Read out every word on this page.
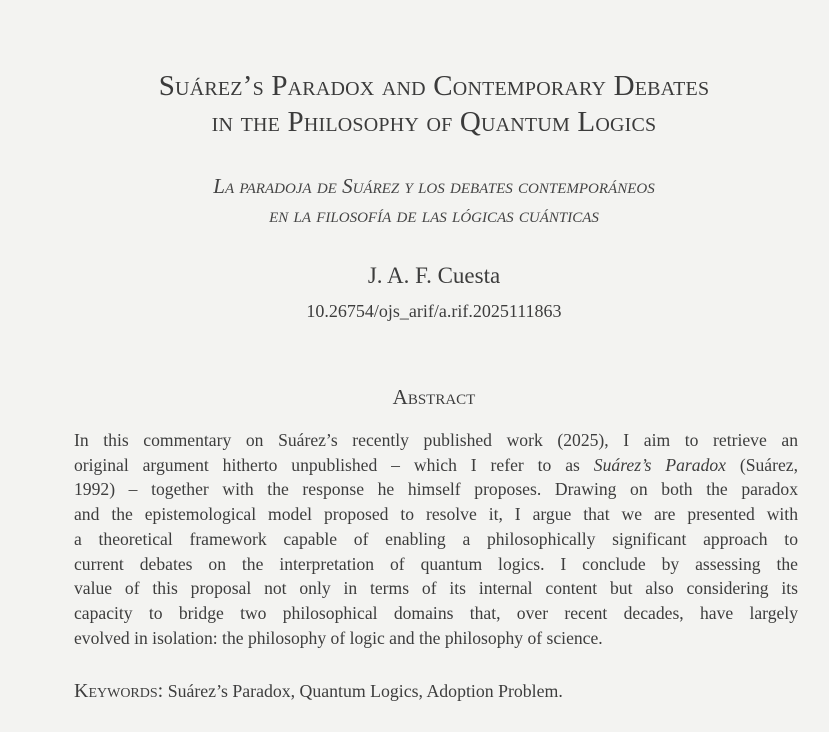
Suárez’s Paradox and Contemporary Debates
in the Philosophy of Quantum Logics
La paradoja de Suárez y los debates contemporáneos
en la filosofía de las lógicas cuánticas
J. A. F. Cuesta
10.26754/ojs_arif/a.rif.2025111863
Abstract
In this commentary on Suárez’s recently published work (2025), I aim to retrieve an
original argument hitherto unpublished – which I refer to as Suárez’s Paradox (Suárez,
1992) – together with the response he himself proposes. Drawing on both the paradox
and the epistemological model proposed to resolve it, I argue that we are presented with
a theoretical framework capable of enabling a philosophically significant approach to
current debates on the interpretation of quantum logics. I conclude by assessing the
value of this proposal not only in terms of its internal content but also considering its
capacity to bridge two philosophical domains that, over recent decades, have largely
evolved in isolation: the philosophy of logic and the philosophy of science.
Keywords: Suárez’s Paradox, Quantum Logics, Adoption Problem.
